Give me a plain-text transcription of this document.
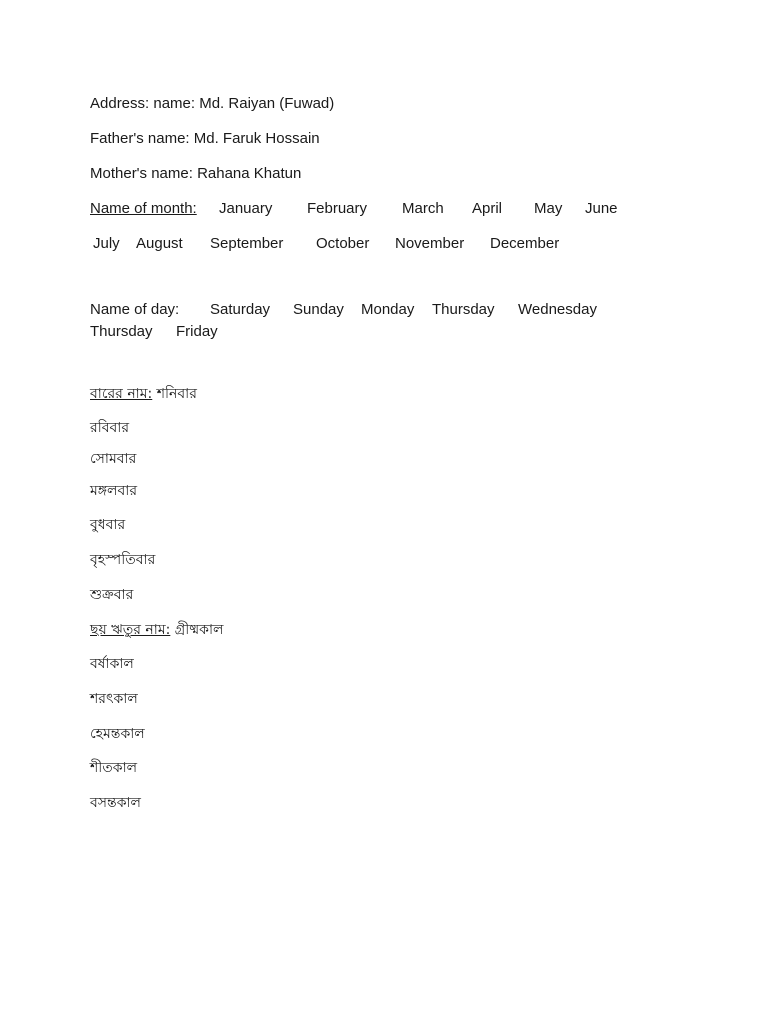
Address: name: Md. Raiyan (Fuwad)
Father's name: Md. Faruk Hossain
Mother's name: Rahana Khatun
Name of month: January February March April May June
July August September October November December
Name of day: Saturday Sunday Monday Thursday Wednesday
Thursday Friday
বারের নাম: শনিবার
রবিবার
সোমবার
মঙ্গলবার
বুধবার
বৃহস্পতিবার
শুক্রবার
ছয় ঋতুর নাম: গ্রীষ্মকাল
বর্ষাকাল
শরৎকাল
হেমন্তকাল
শীতকাল
বসন্তকাল
